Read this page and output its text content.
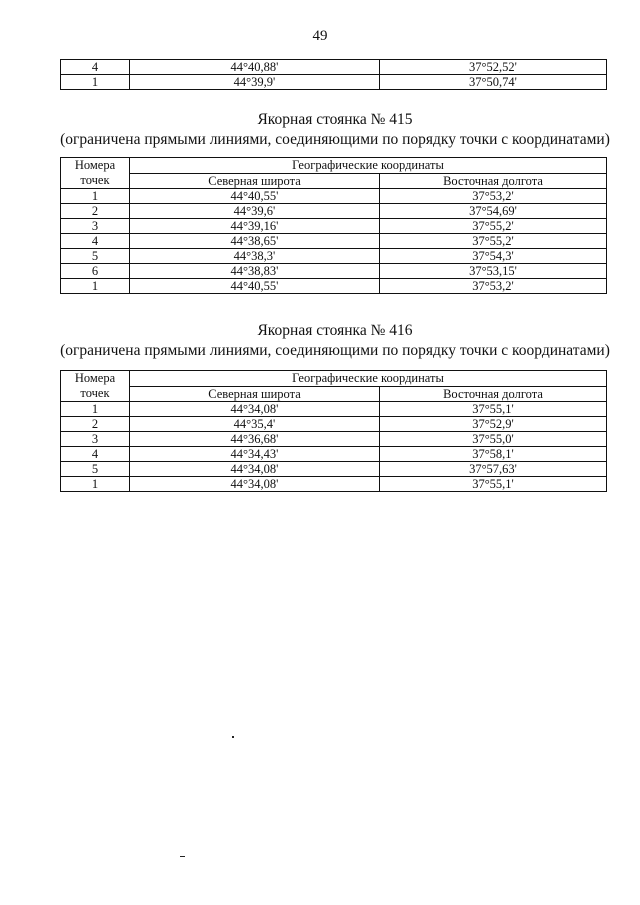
49
4	44°40,88'	37°52,52'
1	44°39,9'	37°50,74'
Якорная стоянка № 415
(ограничена прямыми линиями, соединяющими по порядку точки с координатами)
Номера
точек	Географические координаты	
	Северная широта	Восточная долгота
1	44°40,55'	37°53,2'
2	44°39,6'	37°54,69'
3	44°39,16'	37°55,2'
4	44°38,65'	37°55,2'
5	44°38,3'	37°54,3'
6	44°38,83'	37°53,15'
1	44°40,55'	37°53,2'
Якорная стоянка № 416
(ограничена прямыми линиями, соединяющими по порядку точки с координатами)
Номера
точек	Географические координаты	
	Северная широта	Восточная долгота
1	44°34,08'	37°55,1'
2	44°35,4'	37°52,9'
3	44°36,68'	37°55,0'
4	44°34,43'	37°58,1'
5	44°34,08'	37°57,63'
1	44°34,08'	37°55,1'
